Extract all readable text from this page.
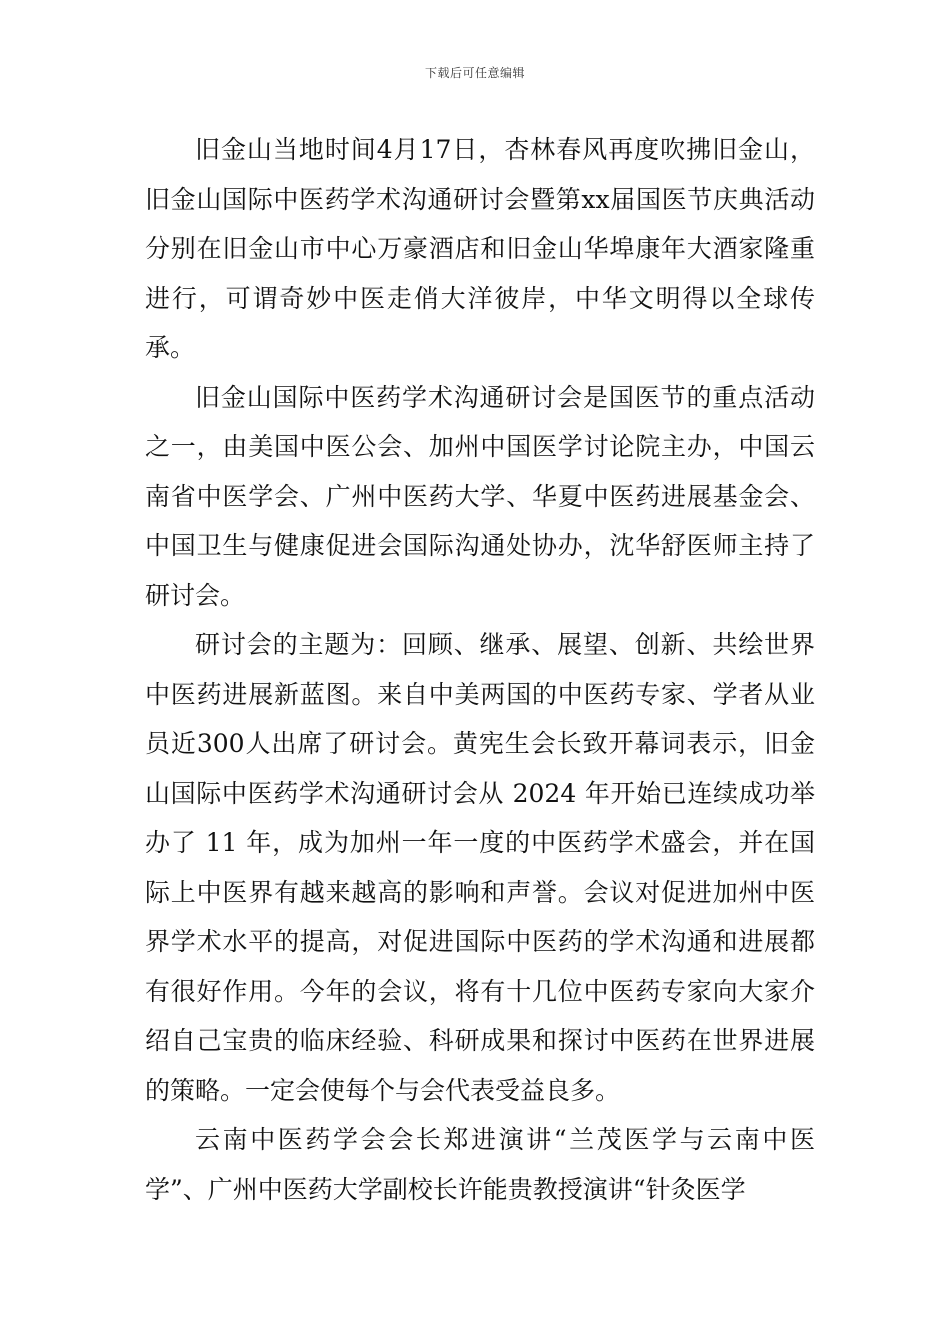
下载后可任意编辑

旧金山当地时间4月17日，杏林春风再度吹拂旧金山，旧金山国际中医药学术沟通研讨会暨第xx届国医节庆典活动分别在旧金山市中心万豪酒店和旧金山华埠康年大酒家隆重进行，可谓奇妙中医走俏大洋彼岸，中华文明得以全球传承。

旧金山国际中医药学术沟通研讨会是国医节的重点活动之一，由美国中医公会、加州中国医学讨论院主办，中国云南省中医学会、广州中医药大学、华夏中医药进展基金会、中国卫生与健康促进会国际沟通处协办，沈华舒医师主持了研讨会。

研讨会的主题为：回顾、继承、展望、创新、共绘世界中医药进展新蓝图。来自中美两国的中医药专家、学者从业员近300人出席了研讨会。黄宪生会长致开幕词表示，旧金山国际中医药学术沟通研讨会从 2024 年开始已连续成功举办了 11 年，成为加州一年一度的中医药学术盛会，并在国际上中医界有越来越高的影响和声誉。会议对促进加州中医界学术水平的提高，对促进国际中医药的学术沟通和进展都有很好作用。今年的会议，将有十几位中医药专家向大家介绍自己宝贵的临床经验、科研成果和探讨中医药在世界进展的策略。一定会使每个与会代表受益良多。

云南中医药学会会长郑进演讲“兰茂医学与云南中医学”、广州中医药大学副校长许能贵教授演讲“针灸医学
